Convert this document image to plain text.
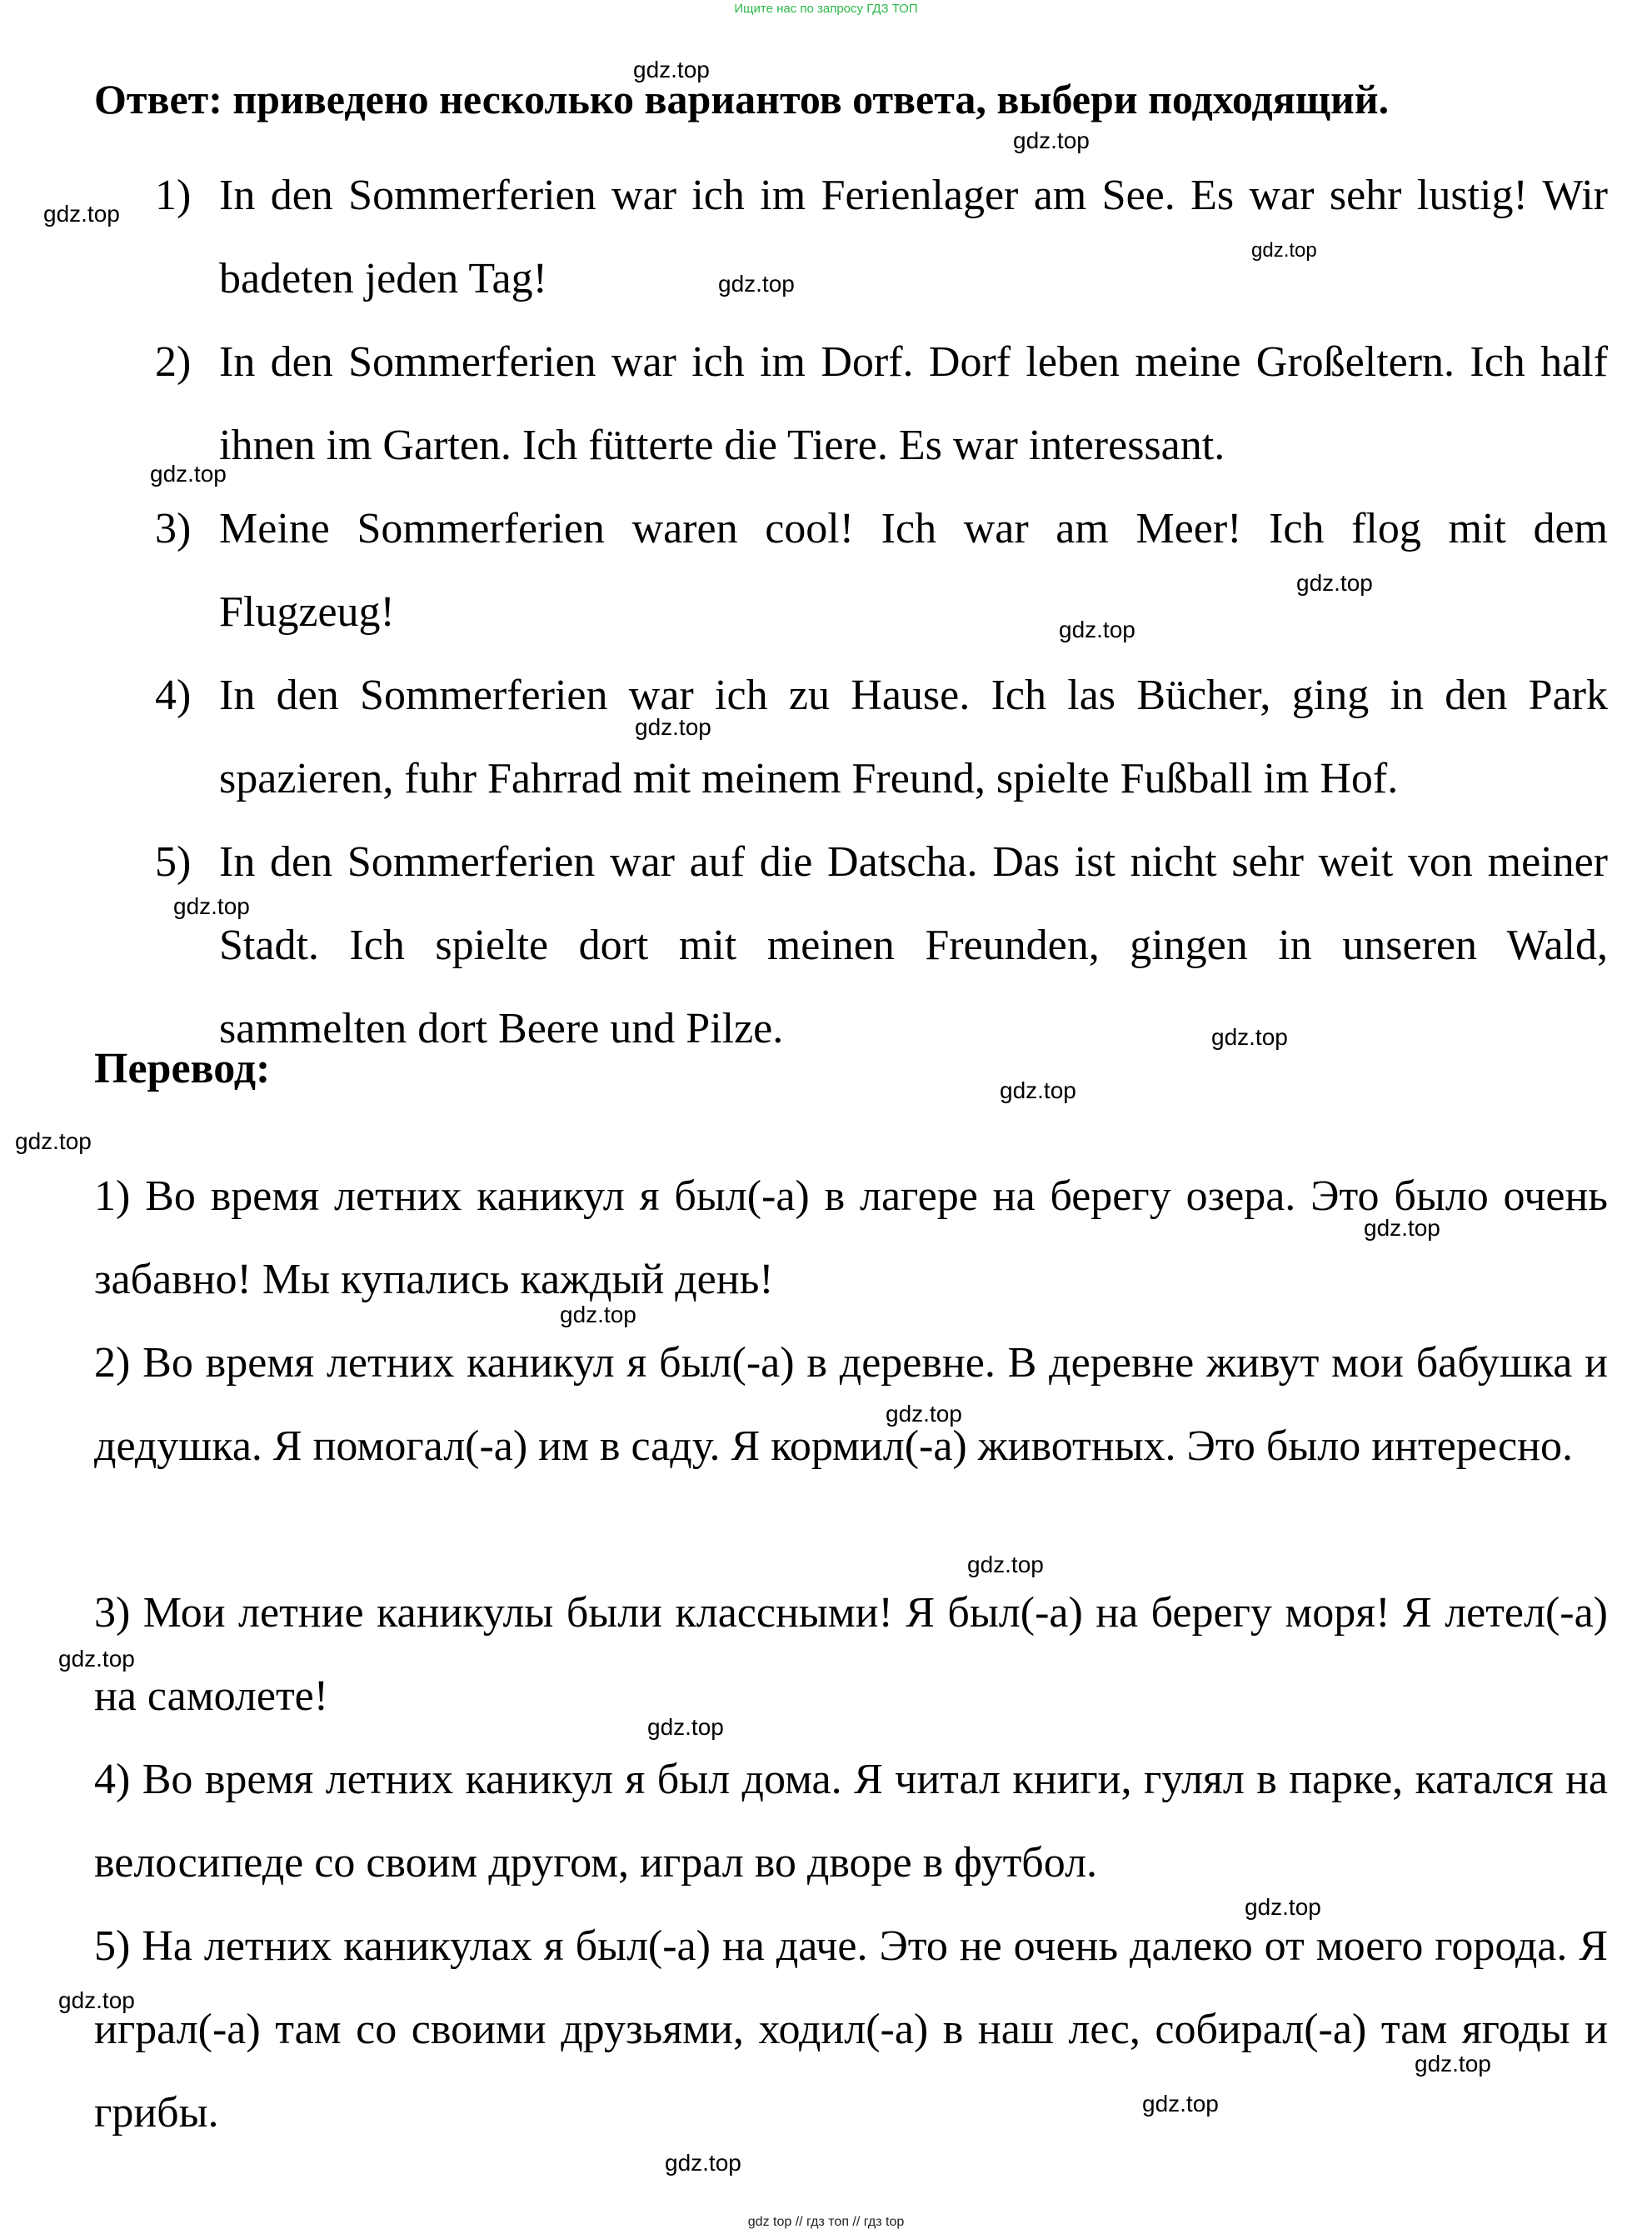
Ищите нас по запросу ГДЗ ТОП
Ответ: приведено несколько вариантов ответа, выбери подходящий.
1) In den Sommerferien war ich im Ferienlager am See. Es war sehr lustig! Wir badeten jeden Tag!
2) In den Sommerferien war ich im Dorf. Dorf leben meine Großeltern. Ich half ihnen im Garten. Ich fütterte die Tiere. Es war interessant.
3) Meine Sommerferien waren cool! Ich war am Meer! Ich flog mit dem Flugzeug!
4) In den Sommerferien war ich zu Hause. Ich las Bücher, ging in den Park spazieren, fuhr Fahrrad mit meinem Freund, spielte Fußball im Hof.
5) In den Sommerferien war auf die Datscha. Das ist nicht sehr weit von meiner Stadt. Ich spielte dort mit meinen Freunden, gingen in unseren Wald, sammelten dort Beere und Pilze.
Перевод:
1) Во время летних каникул я был(-а) в лагере на берегу озера. Это было очень забавно! Мы купались каждый день!
2) Во время летних каникул я был(-а) в деревне. В деревне живут мои бабушка и дедушка. Я помогал(-а) им в саду. Я кормил(-а) животных. Это было интересно.
3) Мои летние каникулы были классными! Я был(-а) на берегу моря! Я летел(-а) на самолете!
4) Во время летних каникул я был дома. Я читал книги, гулял в парке, катался на велосипеде со своим другом, играл во дворе в футбол.
5) На летних каникулах я был(-а) на даче. Это не очень далеко от моего города. Я играл(-а) там со своими друзьями, ходил(-а) в наш лес, собирал(-а) там ягоды и грибы.
gdz.top
gdz.top
gdz.top
gdz.top
gdz.top
gdz.top
gdz.top
gdz.top
gdz.top
gdz.top
gdz.top
gdz.top
gdz.top
gdz.top
gdz.top
gdz.top
gdz.top
gdz.top
gdz.top
gdz.top
gdz.top
gdz.top
gdz.top
gdz.top
gdz top // гдз топ // гдз top
